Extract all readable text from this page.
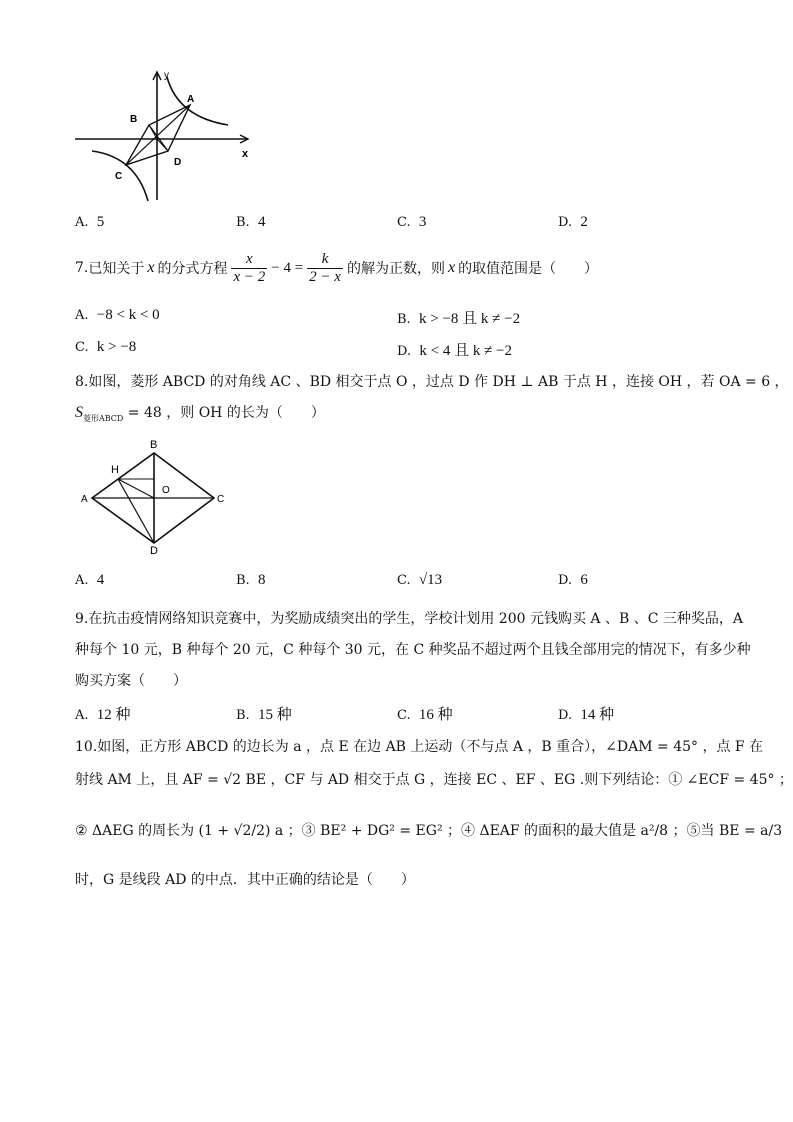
y
x
A
B
C
D
A. 5	B. 4	C. 3	D. 2
7. 已知关于 x 的分式方程 $\frac{x}{x - 2} - 4 = \frac{k}{2 - x}$ 的解为正数，则 x 的取值范围是（　　）
A. −8 < k < 0	B. k > −8 且 k ≠ −2
C. k > −8	D. k < 4 且 k ≠ −2
8.如图，菱形 ABCD 的对角线 AC 、BD 相交于点 O ，过点 D 作 DH ⊥ AB 于点 H ，连接 OH ，若 OA = 6 ，
$S_{菱形ABCD} = 48$ ，则 OH 的长为（　　）
H
B
O
A	C
D
A. 4	B. 8	C. √13	D. 6
9.在抗击疫情网络知识竞赛中，为奖励成绩突出的学生，学校计划用 200 元钱购买 A 、B 、C 三种奖品，A
种每个 10 元，B 种每个 20 元，C 种每个 30 元，在 C 种奖品不超过两个且钱全部用完的情况下，有多少种
购买方案（　　）
A. 12 种	B. 15 种	C. 16 种	D. 14 种
10.如图，正方形 ABCD 的边长为 a ，点 E 在边 AB 上运动（不与点 A ，B 重合），∠DAM = 45° ，点 F 在
射线 AM 上，且 AF = √2 BE ，CF 与 AD 相交于点 G ，连接 EC 、EF 、EG .则下列结论：① ∠ECF = 45° ；
② ΔAEG 的周长为 (1 + √2/2) a ；③ BE² + DG² = EG² ；④ ΔEAF 的面积的最大值是 a²/8 ；⑤当 BE = a/3
时，G 是线段 AD 的中点．其中正确的结论是（　　）
